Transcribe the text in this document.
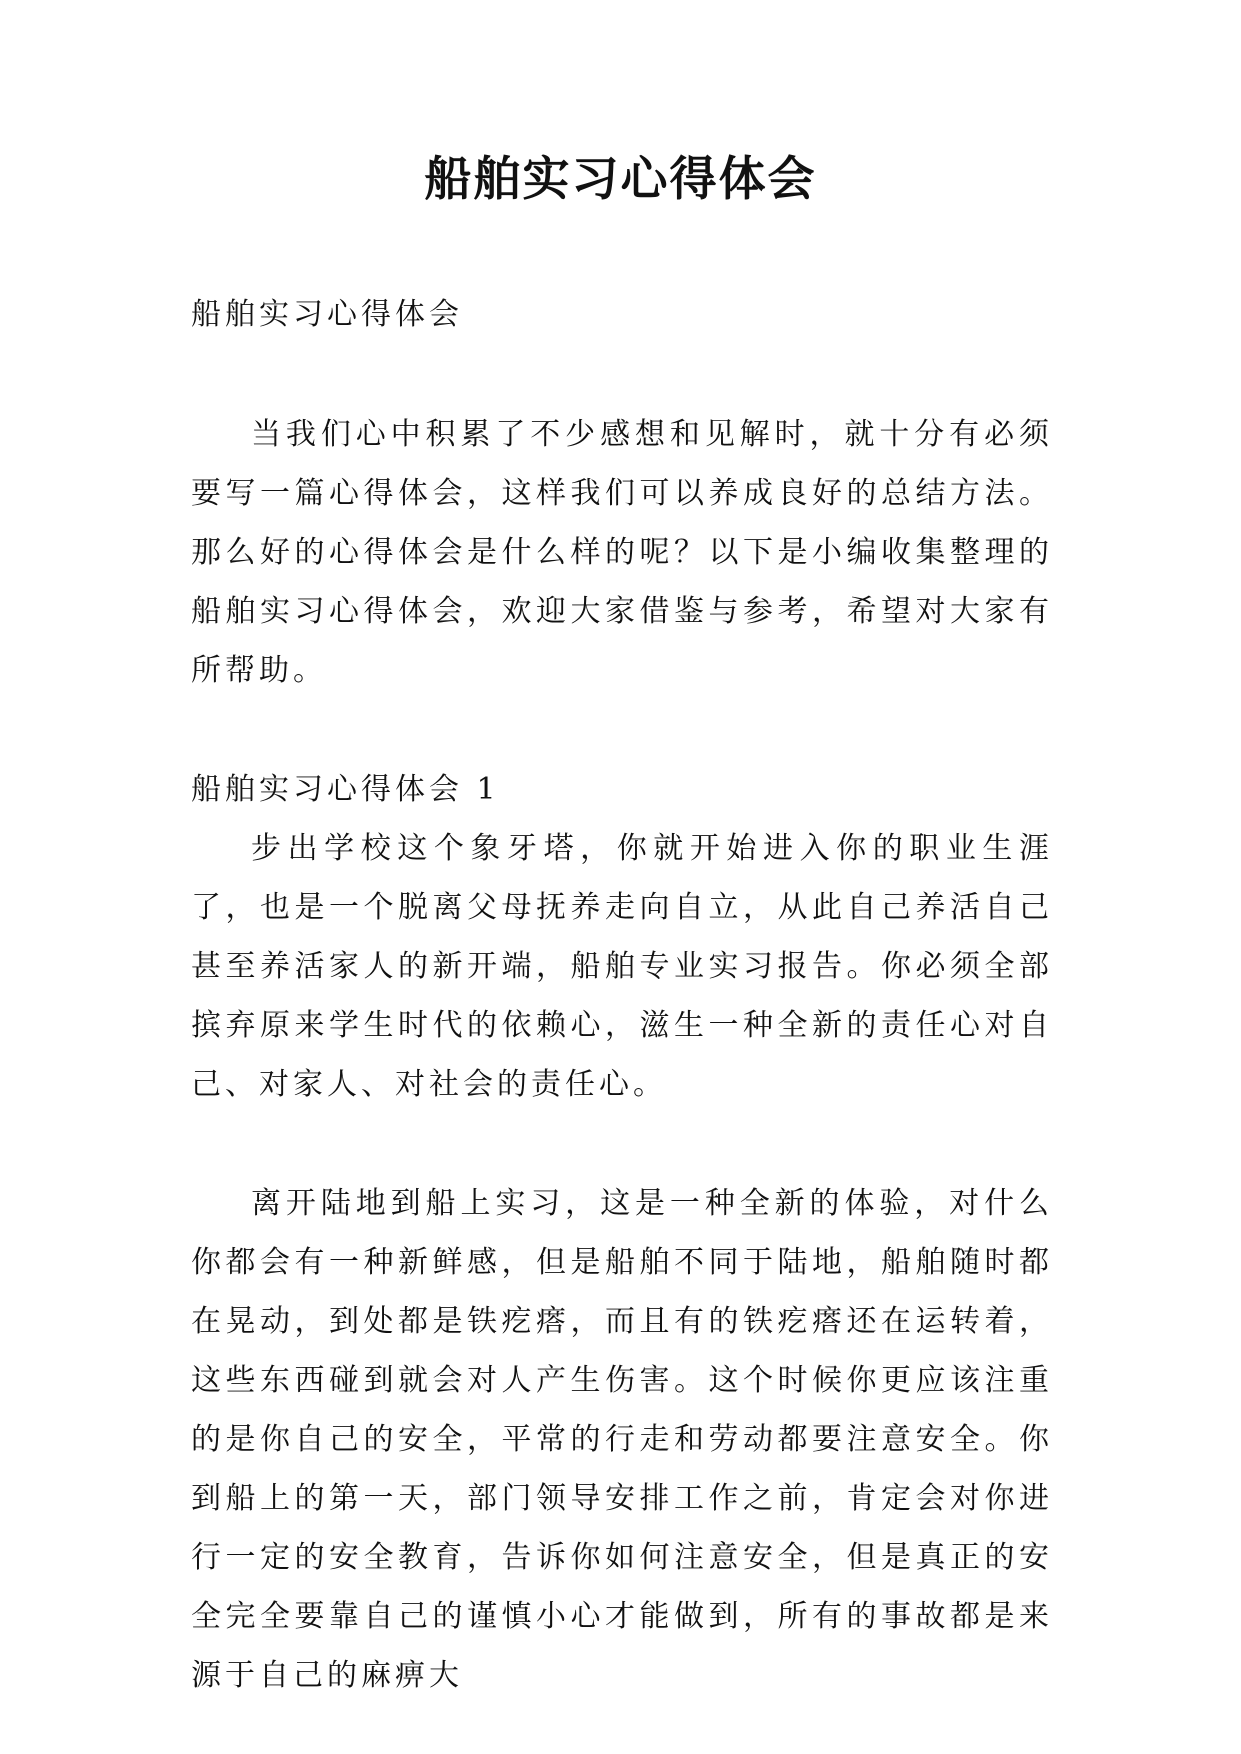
船舶实习心得体会

船舶实习心得体会

当我们心中积累了不少感想和见解时，就十分有必须要写一篇心得体会，这样我们可以养成良好的总结方法。那么好的心得体会是什么样的呢？以下是小编收集整理的船舶实习心得体会，欢迎大家借鉴与参考，希望对大家有所帮助。

船舶实习心得体会 1

步出学校这个象牙塔，你就开始进入你的职业生涯了，也是一个脱离父母抚养走向自立，从此自己养活自己甚至养活家人的新开端，船舶专业实习报告。你必须全部摈弃原来学生时代的依赖心，滋生一种全新的责任心对自己、对家人、对社会的责任心。

离开陆地到船上实习，这是一种全新的体验，对什么你都会有一种新鲜感，但是船舶不同于陆地，船舶随时都在晃动，到处都是铁疙瘩，而且有的铁疙瘩还在运转着，这些东西碰到就会对人产生伤害。这个时候你更应该注重的是你自己的安全，平常的行走和劳动都要注意安全。你到船上的第一天，部门领导安排工作之前，肯定会对你进行一定的安全教育，告诉你如何注意安全，但是真正的安全完全要靠自己的谨慎小心才能做到，所有的事故都是来源于自己的麻痹大
